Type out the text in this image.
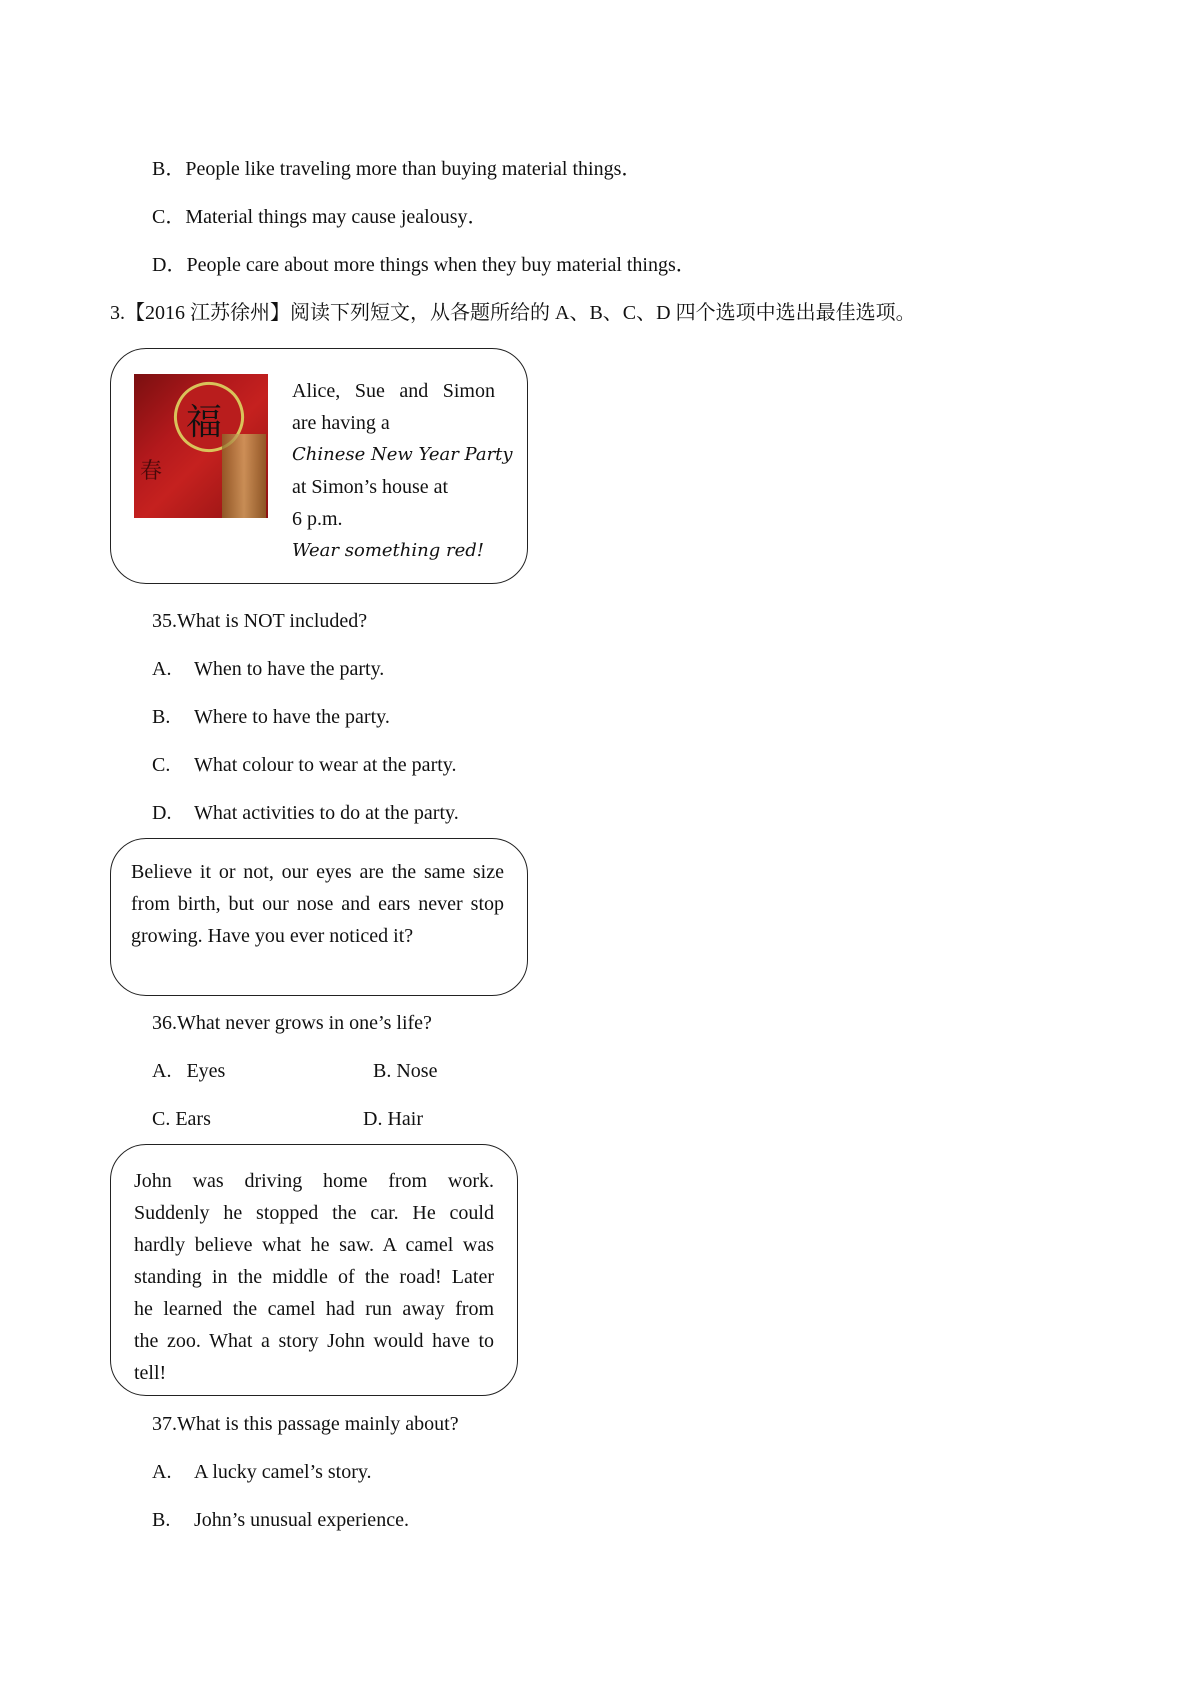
B．People like traveling more than buying material things．
C．Material things may cause jealousy．
D．People care about more things when they buy material things．
3.【2016 江苏徐州】阅读下列短文，从各题所给的 A、B、C、D 四个选项中选出最佳选项。
福
春
Alice, Sue and Simon
are having a
Chinese New Year Party
at Simon’s house at
6 p.m.
Wear something red!
35.What is NOT included?
A. When to have the party.
B. Where to have the party.
C. What colour to wear at the party.
D. What activities to do at the party.
Believe it or not, our eyes are the same size
from birth, but our nose and ears never stop
growing. Have you ever noticed it?
36.What never grows in one’s life?
A.   Eyes	B. Nose
C. Ears	D. Hair
John was driving home from work.
Suddenly he stopped the car. He could
hardly believe what he saw. A camel was
standing in the middle of the road! Later
he learned the camel had run away from
the zoo. What a story John would have to
tell!
37.What is this passage mainly about?
A. A lucky camel’s story.
B. John’s unusual experience.
